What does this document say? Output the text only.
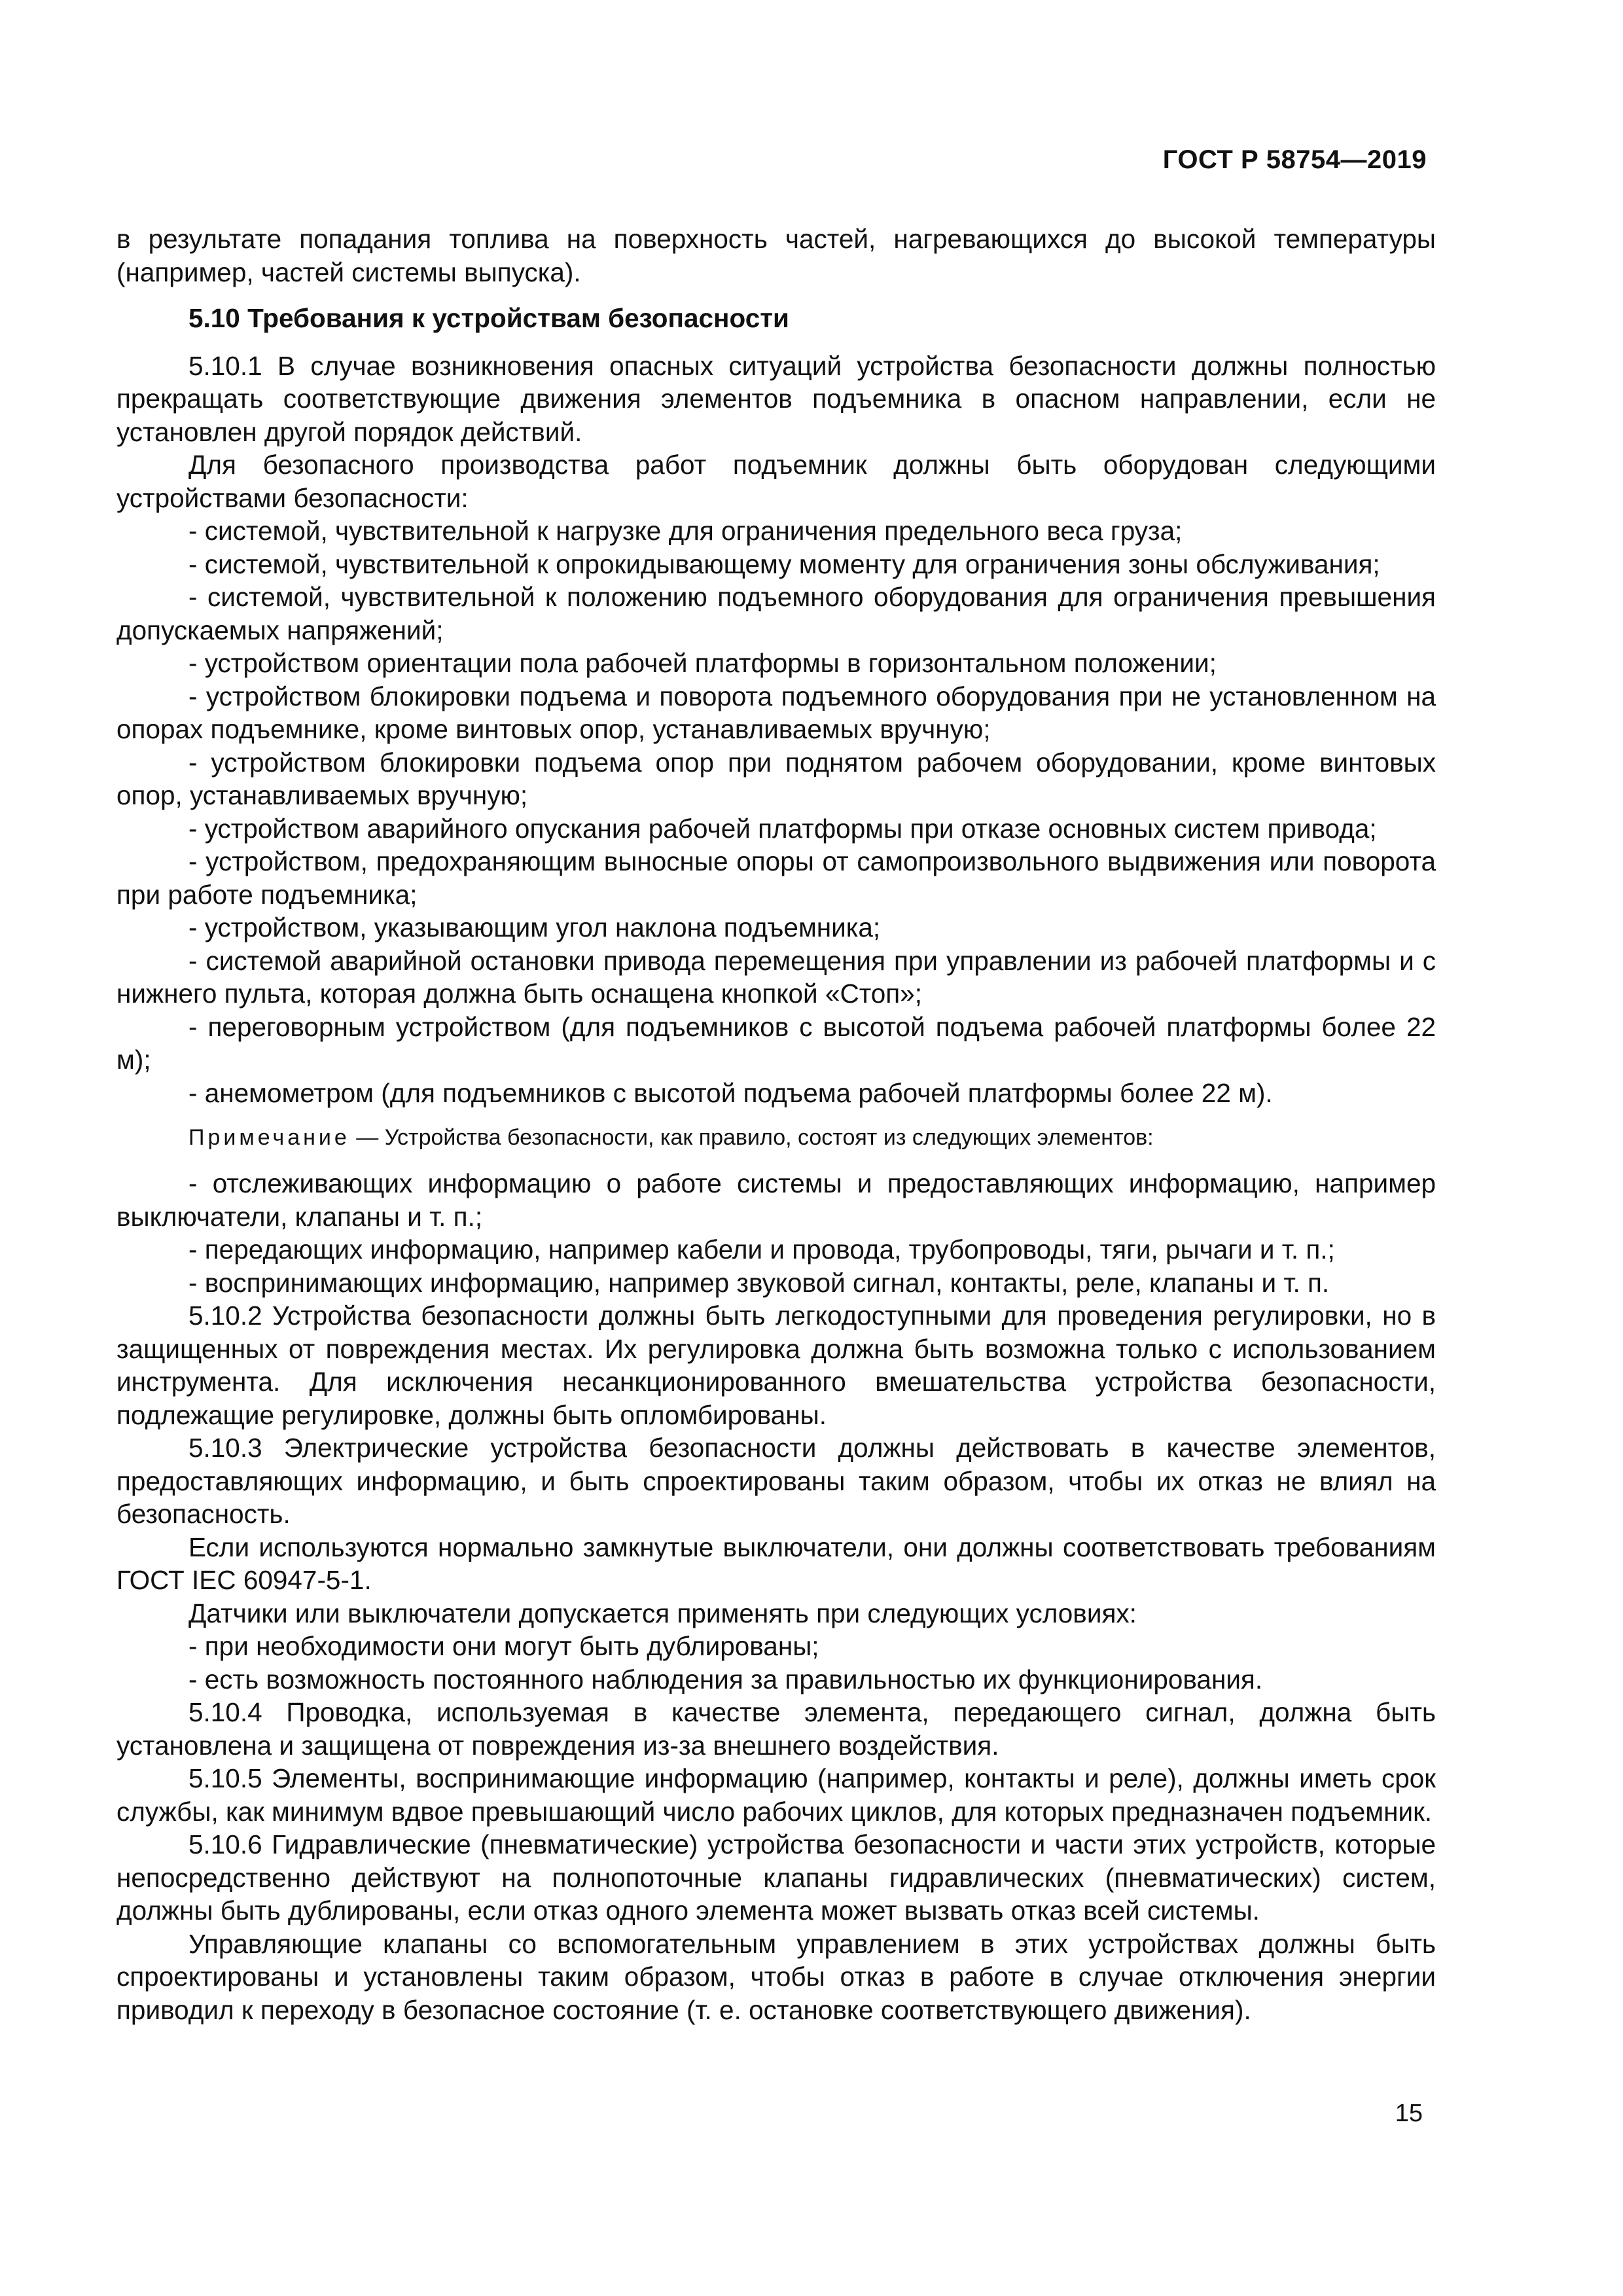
ГОСТ Р 58754—2019

в результате попадания топлива на поверхность частей, нагревающихся до высокой температуры (например, частей системы выпуска).

5.10 Требования к устройствам безопасности

5.10.1 В случае возникновения опасных ситуаций устройства безопасности должны полностью прекращать соответствующие движения элементов подъемника в опасном направлении, если не установлен другой порядок действий.

Для безопасного производства работ подъемник должны быть оборудован следующими устройствами безопасности:

- системой, чувствительной к нагрузке для ограничения предельного веса груза;

- системой, чувствительной к опрокидывающему моменту для ограничения зоны обслуживания;

- системой, чувствительной к положению подъемного оборудования для ограничения превышения допускаемых напряжений;

- устройством ориентации пола рабочей платформы в горизонтальном положении;

- устройством блокировки подъема и поворота подъемного оборудования при не установленном на опорах подъемнике, кроме винтовых опор, устанавливаемых вручную;

- устройством блокировки подъема опор при поднятом рабочем оборудовании, кроме винтовых опор, устанавливаемых вручную;

- устройством аварийного опускания рабочей платформы при отказе основных систем привода;

- устройством, предохраняющим выносные опоры от самопроизвольного выдвижения или поворота при работе подъемника;

- устройством, указывающим угол наклона подъемника;

- системой аварийной остановки привода перемещения при управлении из рабочей платформы и с нижнего пульта, которая должна быть оснащена кнопкой «Стоп»;

- переговорным устройством (для подъемников с высотой подъема рабочей платформы более 22 м);

- анемометром (для подъемников с высотой подъема рабочей платформы более 22 м).

Примечание — Устройства безопасности, как правило, состоят из следующих элементов:

- отслеживающих информацию о работе системы и предоставляющих информацию, например выключатели, клапаны и т. п.;

- передающих информацию, например кабели и провода, трубопроводы, тяги, рычаги и т. п.;

- воспринимающих информацию, например звуковой сигнал, контакты, реле, клапаны и т. п.

5.10.2 Устройства безопасности должны быть легкодоступными для проведения регулировки, но в защищенных от повреждения местах. Их регулировка должна быть возможна только с использованием инструмента. Для исключения несанкционированного вмешательства устройства безопасности, подлежащие регулировке, должны быть опломбированы.

5.10.3 Электрические устройства безопасности должны действовать в качестве элементов, предоставляющих информацию, и быть спроектированы таким образом, чтобы их отказ не влиял на безопасность.

Если используются нормально замкнутые выключатели, они должны соответствовать требованиям ГОСТ IEC 60947-5-1.

Датчики или выключатели допускается применять при следующих условиях:

- при необходимости они могут быть дублированы;

- есть возможность постоянного наблюдения за правильностью их функционирования.

5.10.4 Проводка, используемая в качестве элемента, передающего сигнал, должна быть установлена и защищена от повреждения из-за внешнего воздействия.

5.10.5 Элементы, воспринимающие информацию (например, контакты и реле), должны иметь срок службы, как минимум вдвое превышающий число рабочих циклов, для которых предназначен подъемник.

5.10.6 Гидравлические (пневматические) устройства безопасности и части этих устройств, которые непосредственно действуют на полнопоточные клапаны гидравлических (пневматических) систем, должны быть дублированы, если отказ одного элемента может вызвать отказ всей системы.

Управляющие клапаны со вспомогательным управлением в этих устройствах должны быть спроектированы и установлены таким образом, чтобы отказ в работе в случае отключения энергии приводил к переходу в безопасное состояние (т. е. остановке соответствующего движения).

15
